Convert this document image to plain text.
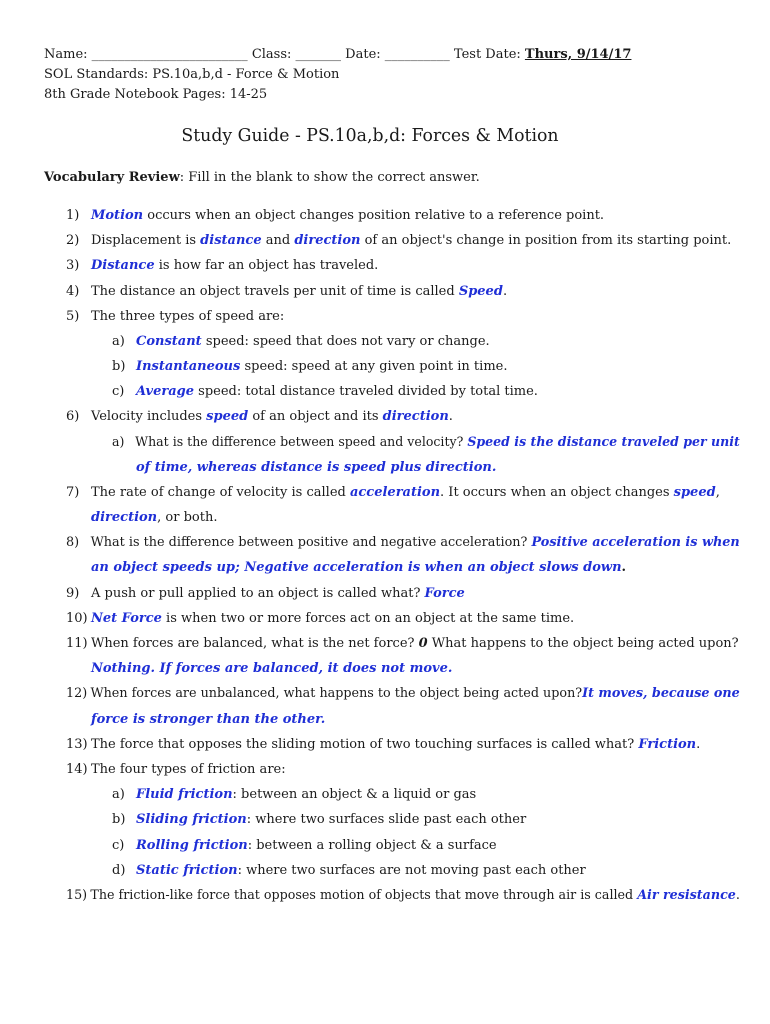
Name: ________________________ Class: _______ Date: __________ Test Date: Thurs, 9/14/17
SOL Standards: PS.10a,b,d - Force & Motion
8th Grade Notebook Pages: 14-25
Study Guide - PS.10a,b,d: Forces & Motion
Vocabulary Review: Fill in the blank to show the correct answer.
1) Motion occurs when an object changes position relative to a reference point.
2) Displacement is distance and direction of an object's change in position from its starting point.
3) Distance is how far an object has traveled.
4) The distance an object travels per unit of time is called Speed.
5) The three types of speed are:
a) Constant speed: speed that does not vary or change.
b) Instantaneous speed: speed at any given point in time.
c) Average speed: total distance traveled divided by total time.
6) Velocity includes speed of an object and its direction.
a) What is the difference between speed and velocity? Speed is the distance traveled per unit
of time, whereas distance is speed plus direction.
7) The rate of change of velocity is called acceleration. It occurs when an object changes speed,
direction, or both.
8) What is the difference between positive and negative acceleration? Positive acceleration is when
an object speeds up; Negative acceleration is when an object slows down.
9) A push or pull applied to an object is called what? Force
10) Net Force is when two or more forces act on an object at the same time.
11) When forces are balanced, what is the net force? 0 What happens to the object being acted upon?
Nothing. If forces are balanced, it does not move.
12) When forces are unbalanced, what happens to the object being acted upon?It moves, because one
force is stronger than the other.
13) The force that opposes the sliding motion of two touching surfaces is called what? Friction.
14) The four types of friction are:
a) Fluid friction: between an object & a liquid or gas
b) Sliding friction: where two surfaces slide past each other
c) Rolling friction: between a rolling object & a surface
d) Static friction: where two surfaces are not moving past each other
15) The friction-like force that opposes motion of objects that move through air is called Air resistance.
